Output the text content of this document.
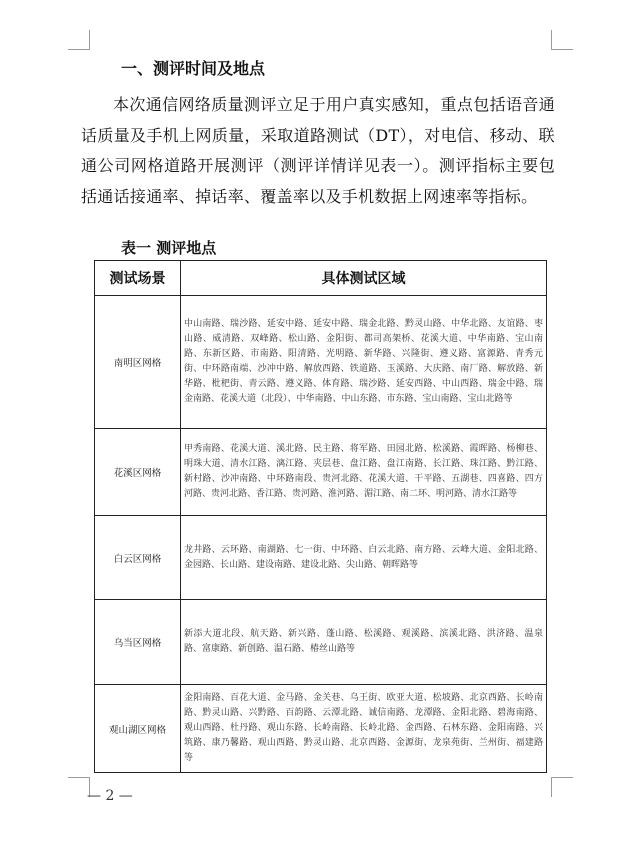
一、测评时间及地点

本次通信网络质量测评立足于用户真实感知，重点包括语音通话质量及手机上网质量，采取道路测试（DT），对电信、移动、联通公司网格道路开展测评（测评详情详见表一）。测评指标主要包括通话接通率、掉话率、覆盖率以及手机数据上网速率等指标。

表一 测评地点
测试场景	具体测试区域
南明区网格	中山南路、瑞沙路、延安中路、延安中路、瑞金北路、黔灵山路、中华北路、友谊路、枣山路、威清路、双峰路、松山路、金阳街、都司高架桥、花溪大道、中华南路、宝山南路、东新区路、市南路、阳清路、光明路、新华路、兴隆街、遵义路、富源路、青秀元街、中环路南端、沙冲中路、解放西路、铁道路、玉溪路、大庆路、南厂路、解放路、新华路、枇杷街、青云路、遵义路、体育路、瑞沙路、延安西路、中山西路、瑞金中路、瑞金南路、花溪大道（北段）、中华南路、中山东路、市东路、宝山南路、宝山北路等
花溪区网格	甲秀南路、花溪大道、溪北路、民主路、将军路、田园北路、松溪路、霞晖路、杨柳巷、明珠大道、清水江路、漓江路、夹层巷、盘江路、盘江南路、长江路、珠江路、黔江路、新村路、沙冲南路、中环路南段、贵河北路、花溪大道、干平路、五湖巷、四喜路、四方河路、贵河北路、香江路、贵河路、淮河路、湄江路、南二环、明河路、清水江路等
白云区网格	龙井路、云环路、南湖路、七一街、中环路、白云北路、南方路、云峰大道、金阳北路、金园路、长山路、建设南路、建设北路、尖山路、朝晖路等
乌当区网格	新添大道北段、航天路、新兴路、蓬山路、松溪路、观溪路、滨溪北路、洪济路、温泉路、富康路、新创路、温石路、椿丝山路等
观山湖区网格	金阳南路、百花大道、金马路、金关巷、乌王街、欧亚大道、松坡路、北京西路、长岭南路、黔灵山路、兴黔路、百韵路、云潭北路、诚信南路、龙潭路、金阳北路、碧海南路、观山西路、杜丹路、观山东路、长岭南路、长岭北路、金西路、石林东路、金阳南路、兴筑路、康乃馨路、观山西路、黔灵山路、北京西路、金源街、龙泉苑街、兰州街、福建路等
— 2 —
